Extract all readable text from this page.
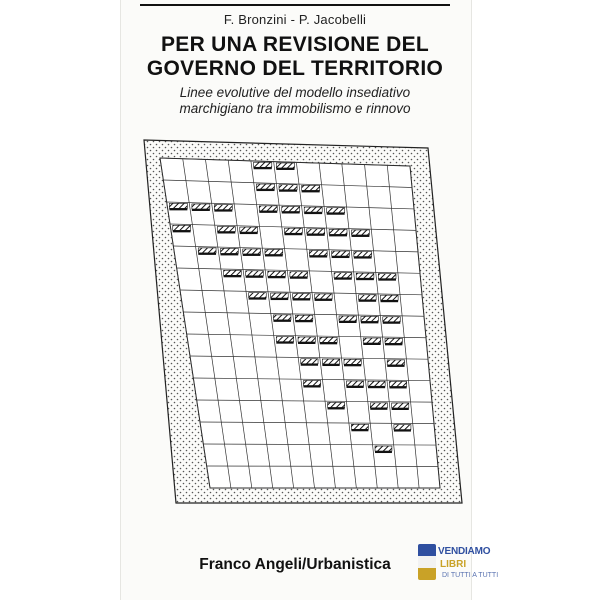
F. Bronzini - P. Jacobelli
PER UNA REVISIONE DEL
GOVERNO DEL TERRITORIO
Linee evolutive del modello insediativo
marchigiano tra immobilismo e rinnovo
Franco Angeli/Urbanistica
VENDIAMO
LIBRI
DI TUTTI A TUTTI
